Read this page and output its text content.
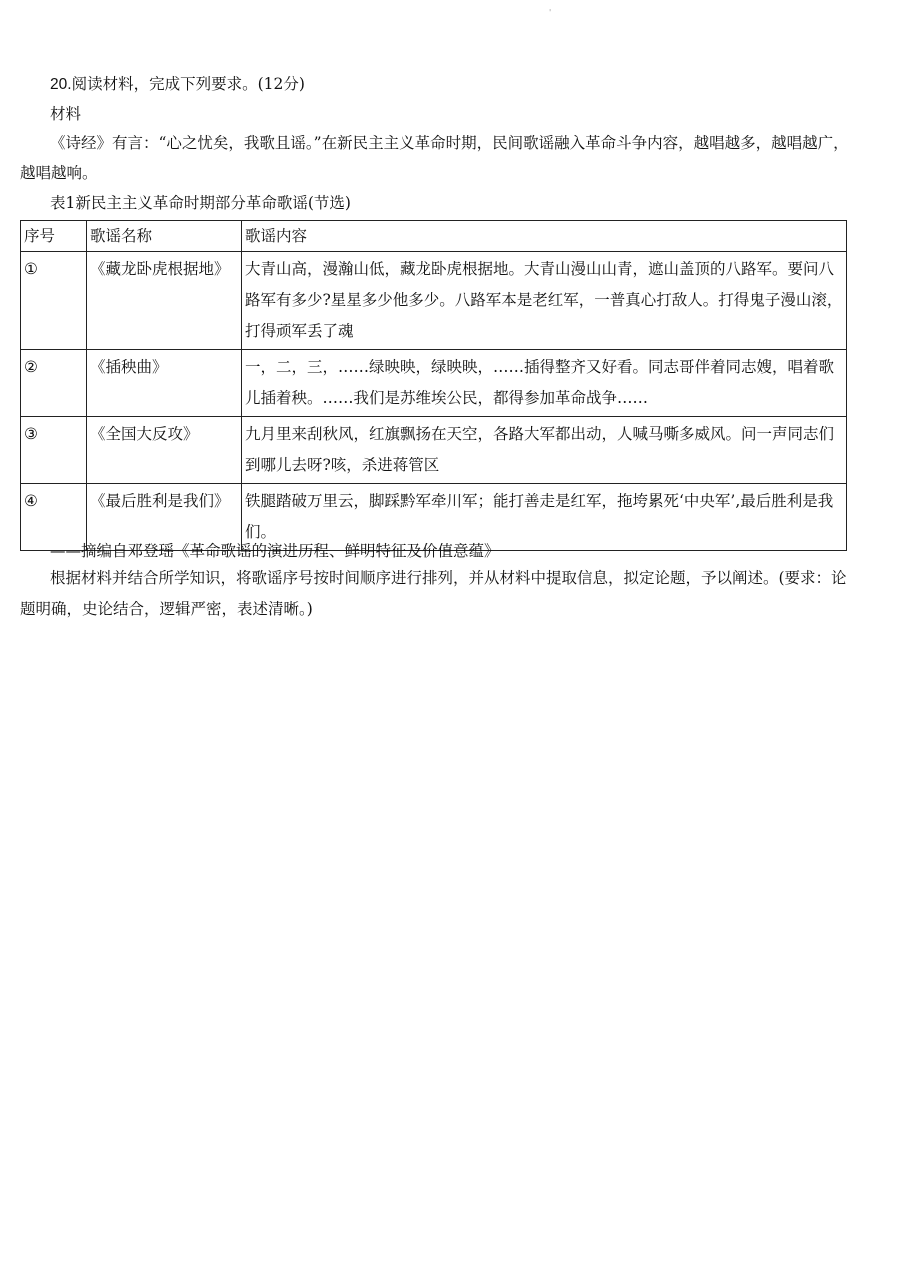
'
20.阅读材料，完成下列要求。(12分)
材料
《诗经》有言：“心之忧矣，我歌且谣。”在新民主主义革命时期，民间歌谣融入革命斗争内容，越唱越多，越唱越广，越唱越响。
表1新民主主义革命时期部分革命歌谣(节选)
序号	歌谣名称	歌谣内容
①	《藏龙卧虎根据地》	大青山高，漫瀚山低，藏龙卧虎根据地。大青山漫山山青，遮山盖顶的八路军。要问八路军有多少?星星多少他多少。八路军本是老红军，一普真心打敌人。打得鬼子漫山滚，打得顽军丢了魂
②	《插秧曲》	一，二，三，……绿映映，绿映映，……插得整齐又好看。同志哥伴着同志嫂，唱着歌儿插着秧。……我们是苏维埃公民，都得参加革命战争……
③	《全国大反攻》	九月里来刮秋风，红旗飘扬在天空，各路大军都出动，人喊马嘶多威风。问一声同志们到哪儿去呀?咳，杀进蒋管区
④	《最后胜利是我们》	铁腿踏破万里云，脚踩黔军牵川军；能打善走是红军，拖垮累死‘中央军’,最后胜利是我们。
——摘编自邓登瑶《革命歌谣的演进历程、鲜明特征及价值意蕴》
根据材料并结合所学知识，将歌谣序号按时间顺序进行排列，并从材料中提取信息，拟定论题，予以阐述。(要求：论题明确，史论结合，逻辑严密，表述清晰。)
